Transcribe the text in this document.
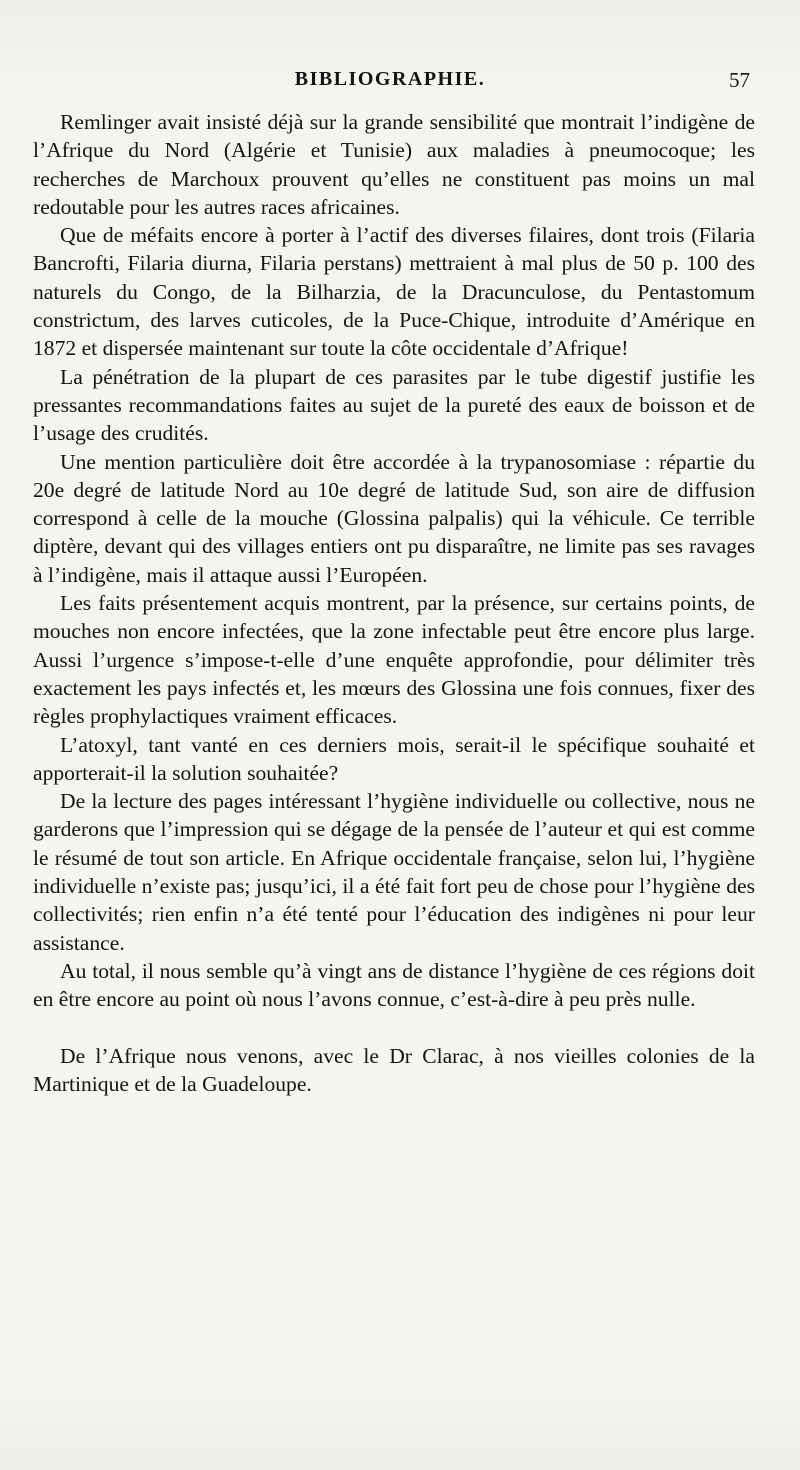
BIBLIOGRAPHIE.	57

Remlinger avait insisté déjà sur la grande sensibilité que montrait l’indigène de l’Afrique du Nord (Algérie et Tunisie) aux maladies à pneumocoque; les recherches de Marchoux prouvent qu’elles ne constituent pas moins un mal redoutable pour les autres races africaines.

Que de méfaits encore à porter à l’actif des diverses filaires, dont trois (Filaria Bancrofti, Filaria diurna, Filaria perstans) mettraient à mal plus de 50 p. 100 des naturels du Congo, de la Bilharzia, de la Dracunculose, du Pentastomum constrictum, des larves cuticoles, de la Puce-Chique, introduite d’Amérique en 1872 et dispersée maintenant sur toute la côte occidentale d’Afrique!

La pénétration de la plupart de ces parasites par le tube digestif justifie les pressantes recommandations faites au sujet de la pureté des eaux de boisson et de l’usage des crudités.

Une mention particulière doit être accordée à la trypanosomiase : répartie du 20e degré de latitude Nord au 10e degré de latitude Sud, son aire de diffusion correspond à celle de la mouche (Glossina palpalis) qui la véhicule. Ce terrible diptère, devant qui des villages entiers ont pu disparaître, ne limite pas ses ravages à l’indigène, mais il attaque aussi l’Européen.

Les faits présentement acquis montrent, par la présence, sur certains points, de mouches non encore infectées, que la zone infectable peut être encore plus large. Aussi l’urgence s’impose-t-elle d’une enquête approfondie, pour délimiter très exactement les pays infectés et, les mœurs des Glossina une fois connues, fixer des règles prophylactiques vraiment efficaces.

L’atoxyl, tant vanté en ces derniers mois, serait-il le spécifique souhaité et apporterait-il la solution souhaitée?

De la lecture des pages intéressant l’hygiène individuelle ou collective, nous ne garderons que l’impression qui se dégage de la pensée de l’auteur et qui est comme le résumé de tout son article. En Afrique occidentale française, selon lui, l’hygiène individuelle n’existe pas; jusqu’ici, il a été fait fort peu de chose pour l’hygiène des collectivités; rien enfin n’a été tenté pour l’éducation des indigènes ni pour leur assistance.

Au total, il nous semble qu’à vingt ans de distance l’hygiène de ces régions doit en être encore au point où nous l’avons connue, c’est-à-dire à peu près nulle.

De l’Afrique nous venons, avec le Dr Clarac, à nos vieilles colonies de la Martinique et de la Guadeloupe.
